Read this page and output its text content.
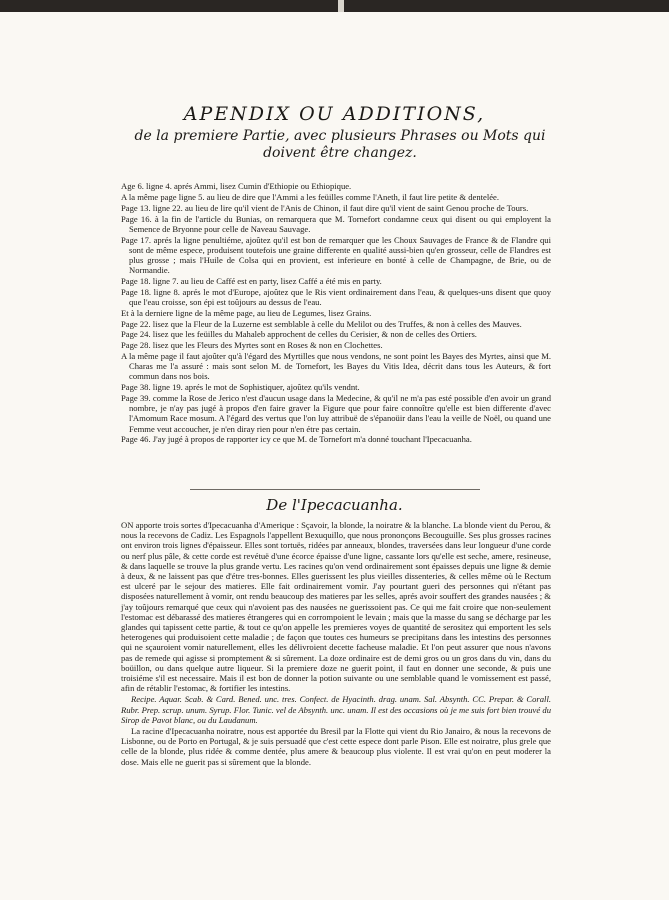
APENDIX OU ADDITIONS,
de la premiere Partie, avec plusieurs Phrases ou Mots qui doivent être changez.

Age 6. ligne 4. aprés Ammi, lisez Cumin d'Ethiopie ou Ethiopique.

A la même page ligne 5. au lieu de dire que l'Ammi a les feüilles comme l'Aneth, il faut lire petite & dentelée.

Page 13. ligne 22. au lieu de lire qu'il vient de l'Anis de Chinon, il faut dire qu'il vient de saint Genou proche de Tours.

Page 16. à la fin de l'article du Bunias, on remarquera que M. Tornefort condamne ceux qui disent ou qui employent la Semence de Bryonne pour celle de Naveau Sauvage.

Page 17. aprés la ligne penultiéme, ajoûtez qu'il est bon de remarquer que les Choux Sauvages de France & de Flandre qui sont de même espece, produisent toutefois une graine differente en qualité aussi-bien qu'en grosseur, celle de Flandres est plus grosse ; mais l'Huile de Colsa qui en provient, est inferieure en bonté à celle de Champagne, de Brie, ou de Normandie.

Page 18. ligne 7. au lieu de Caffé est en party, lisez Caffé a été mis en party.

Page 18. ligne 8. aprés le mot d'Europe, ajoûtez que le Ris vient ordinairement dans l'eau, & quelques-uns disent que quoy que l'eau croisse, son épi est toûjours au dessus de l'eau.

Et à la derniere ligne de la même page, au lieu de Legumes, lisez Grains.

Page 22. lisez que la Fleur de la Luzerne est semblable à celle du Melilot ou des Truffes, & non à celles des Mauves.

Page 24. lisez que les feüilles du Mahaleb approchent de celles du Cerisier, & non de celles des Ortiers.

Page 28. lisez que les Fleurs des Myrtes sont en Roses & non en Clochettes.

A la même page il faut ajoûter qu'à l'égard des Myrtilles que nous vendons, ne sont point les Bayes des Myrtes, ainsi que M. Charas me l'a assuré : mais sont selon M. de Tornefort, les Bayes du Vitis Idea, décrit dans tous les Auteurs, & fort commun dans nos bois.

Page 38. ligne 19. aprés le mot de Sophistiquer, ajoûtez qu'ils vendnt.

Page 39. comme la Rose de Jerico n'est d'aucun usage dans la Medecine, & qu'il ne m'a pas esté possible d'en avoir un grand nombre, je n'ay pas jugé à propos d'en faire graver la Figure que pour faire connoître qu'elle est bien differente d'avec l'Amomum Race mosum. A l'égard des vertus que l'on luy attribuë de s'épanoüir dans l'eau la veille de Noël, ou quand une Femme veut accoucher, je n'en diray rien pour n'en étre pas certain.

Page 46. J'ay jugé à propos de rapporter icy ce que M. de Tornefort m'a donné touchant l'Ipecacuanha.

De l'Ipecacuanha.

ON apporte trois sortes d'Ipecacuanha d'Amerique : Sçavoir, la blonde, la noiratre & la blanche. La blonde vient du Perou, & nous la recevons de Cadiz. Les Espagnols l'appellent Bexuquillo, que nous prononçons Becouguille. Ses plus grosses racines ont environ trois lignes d'épaisseur. Elles sont tortuës, ridées par anneaux, blondes, traversées dans leur longueur d'une corde ou nerf plus pâle, & cette corde est revétuë d'une écorce épaisse d'une ligne, cassante lors qu'elle est seche, amere, resineuse, & dans laquelle se trouve la plus grande vertu. Les racines qu'on vend ordinairement sont épaisses depuis une ligne & demie à deux, & ne laissent pas que d'étre tres-bonnes. Elles guerissent les plus vieilles dissenteries, & celles même où le Rectum est ulceré par le sejour des matieres. Elle fait ordinairement vomir. J'ay pourtant gueri des personnes qui n'étant pas disposées naturellement à vomir, ont rendu beaucoup des matieres par les selles, aprés avoir souffert des grandes nausées ; & j'ay toûjours remarqué que ceux qui n'avoient pas des nausées ne guerissoient pas. Ce qui me fait croire que non-seulement l'estomac est débarassé des matieres étrangeres qui en corrompoient le levain ; mais que la masse du sang se décharge par les glandes qui tapissent cette partie, & tout ce qu'on appelle les premieres voyes de quantité de serositez qui emportent les sels heterogenes qui produisoient cette maladie ; de façon que toutes ces humeurs se precipitans dans les intestins des personnes qui ne sçauroient vomir naturellement, elles les délivroient decette facheuse maladie. Et l'on peut assurer que nous n'avons pas de remede qui agisse si promptement & si sûrement. La doze ordinaire est de demi gros ou un gros dans du vin, dans du boüillon, ou dans quelque autre liqueur. Si la premiere doze ne guerit point, il faut en donner une seconde, & puis une troisiéme s'il est necessaire. Mais il est bon de donner la potion suivante ou une semblable quand le vomissement est passé, afin de rétablir l'estomac, & fortifier les intestins.

Recipe. Aquar. Scab. & Card. Bened. unc. tres. Confect. de Hyacinth. drag. unam. Sal. Absynth. CC. Prepar. & Corall. Rubr. Prep. scrup. unum. Syrup. Flor. Tunic. vel de Absynth. unc. unam. Il est des occasions où je me suis fort bien trouvé du Sirop de Pavot blanc, ou du Laudanum.

La racine d'Ipecacuanha noiratre, nous est apportée du Bresil par la Flotte qui vient du Rio Janairo, & nous la recevons de Lisbonne, ou de Porto en Portugal, & je suis persuadé que c'est cette espece dont parle Pison. Elle est noiratre, plus grele que celle de la blonde, plus ridée & comme dentée, plus amere & beaucoup plus violente. Il est vrai qu'on en peut moderer la dose. Mais elle ne guerit pas si sûrement que la blonde.
